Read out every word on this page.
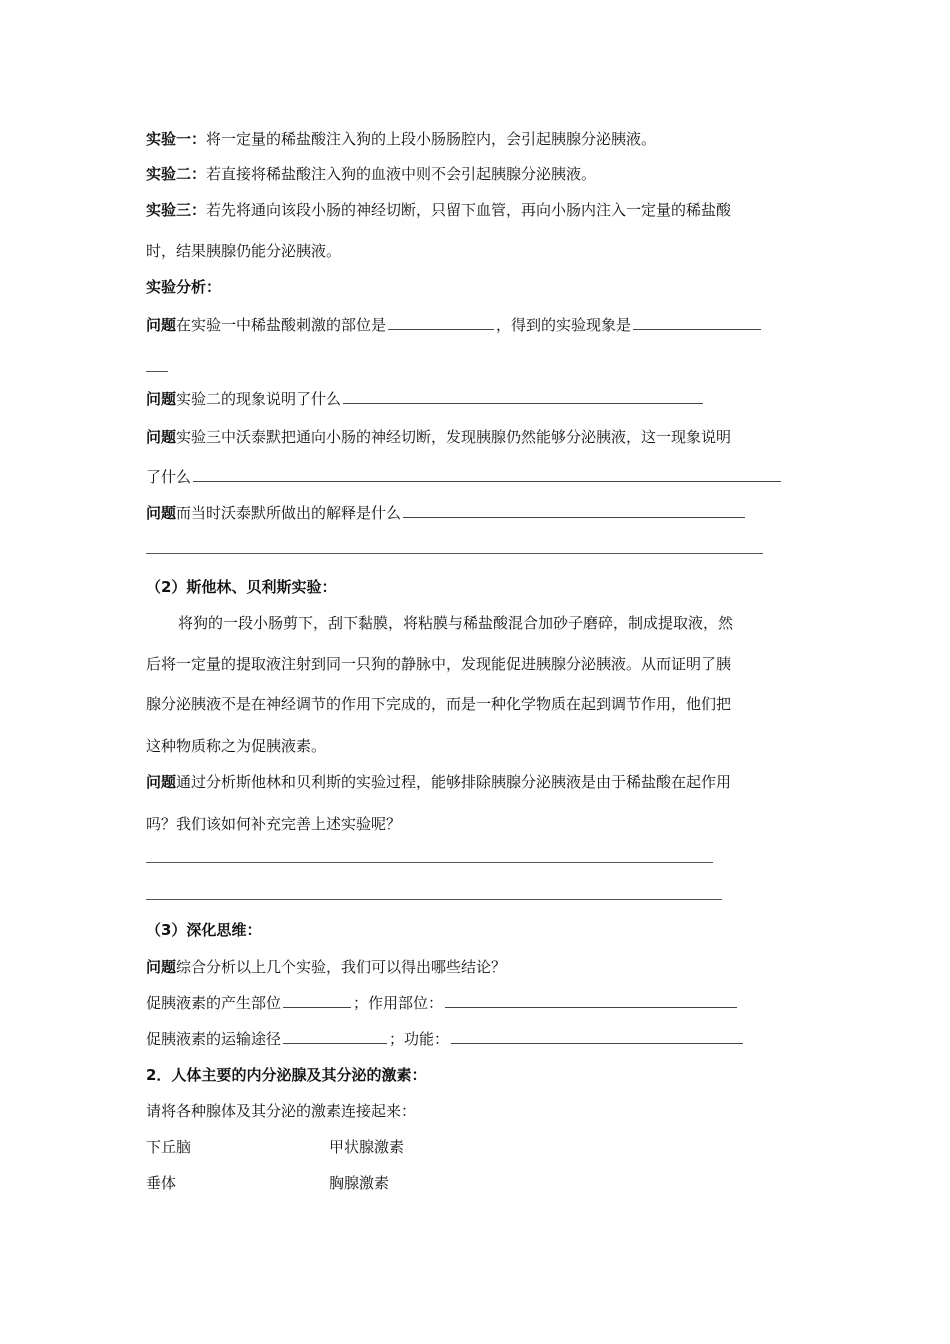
实验一：将一定量的稀盐酸注入狗的上段小肠肠腔内，会引起胰腺分泌胰液。
实验二：若直接将稀盐酸注入狗的血液中则不会引起胰腺分泌胰液。
实验三：若先将通向该段小肠的神经切断，只留下血管，再向小肠内注入一定量的稀盐酸
时，结果胰腺仍能分泌胰液。
实验分析：
问题在实验一中稀盐酸刺激的部位是	，得到的实验现象是
问题实验二的现象说明了什么
问题实验三中沃泰默把通向小肠的神经切断，发现胰腺仍然能够分泌胰液，这一现象说明
了什么
问题而当时沃泰默所做出的解释是什么
（2）斯他林、贝利斯实验：
将狗的一段小肠剪下，刮下黏膜，将粘膜与稀盐酸混合加砂子磨碎，制成提取液，然
后将一定量的提取液注射到同一只狗的静脉中，发现能促进胰腺分泌胰液。从而证明了胰
腺分泌胰液不是在神经调节的作用下完成的，而是一种化学物质在起到调节作用，他们把
这种物质称之为促胰液素。
问题通过分析斯他林和贝利斯的实验过程，能够排除胰腺分泌胰液是由于稀盐酸在起作用
吗？我们该如何补充完善上述实验呢？
（3）深化思维：
问题综合分析以上几个实验，我们可以得出哪些结论？
促胰液素的产生部位	；作用部位：
促胰液素的运输途径	；功能：
2．人体主要的内分泌腺及其分泌的激素：
请将各种腺体及其分泌的激素连接起来：
下丘脑	甲状腺激素
垂体	胸腺激素
